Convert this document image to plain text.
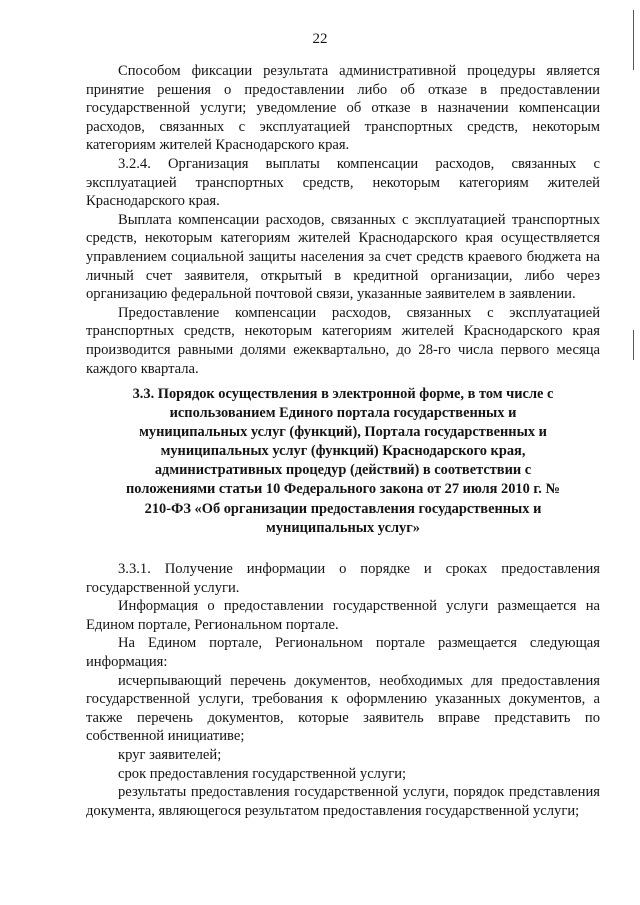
22

Способом фиксации результата административной процедуры является принятие решения о предоставлении либо об отказе в предоставлении государственной услуги; уведомление об отказе в назначении компенсации расходов, связанных с эксплуатацией транспортных средств, некоторым категориям жителей Краснодарского края.

3.2.4. Организация выплаты компенсации расходов, связанных с эксплуатацией транспортных средств, некоторым категориям жителей Краснодарского края.

Выплата компенсации расходов, связанных с эксплуатацией транспортных средств, некоторым категориям жителей Краснодарского края осуществляется управлением социальной защиты населения за счет средств краевого бюджета на личный счет заявителя, открытый в кредитной организации, либо через организацию федеральной почтовой связи, указанные заявителем в заявлении.

Предоставление компенсации расходов, связанных с эксплуатацией транспортных средств, некоторым категориям жителей Краснодарского края производится равными долями ежеквартально, до 28-го числа первого месяца каждого квартала.

3.3. Порядок осуществления в электронной форме, в том числе с использованием Единого портала государственных и муниципальных услуг (функций), Портала государственных и муниципальных услуг (функций) Краснодарского края, административных процедур (действий) в соответствии с положениями статьи 10 Федерального закона от 27 июля 2010 г. № 210-ФЗ «Об организации предоставления государственных и муниципальных услуг»

3.3.1. Получение информации о порядке и сроках предоставления государственной услуги.

Информация о предоставлении государственной услуги размещается на Едином портале, Региональном портале.

На Едином портале, Региональном портале размещается следующая информация:

исчерпывающий перечень документов, необходимых для предоставления государственной услуги, требования к оформлению указанных документов, а также перечень документов, которые заявитель вправе представить по собственной инициативе;

круг заявителей;

срок предоставления государственной услуги;

результаты предоставления государственной услуги, порядок представления документа, являющегося результатом предоставления государственной услуги;
